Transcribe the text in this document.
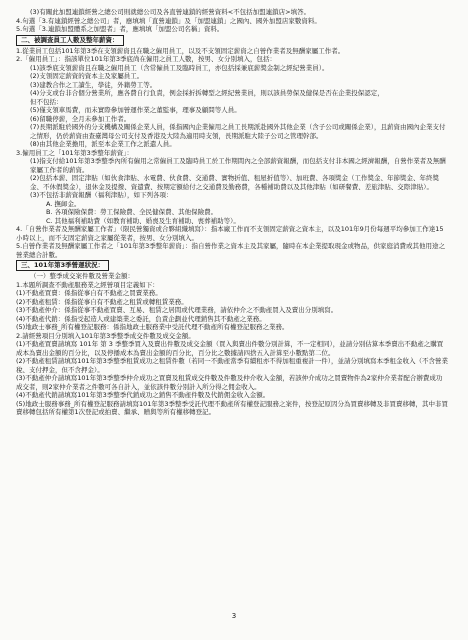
(3)有關此加盟連鎖經營之總公司則就總公司及各直營連鎖的經營資料<不包括加盟連鎖店>填答。
4.句選「3.有連鎖經營之總公司」者，應填填「直營連鎖」及「加盟連鎖」之國內、國外加盟店家數資料。
5.句選「3.連鎖加盟體系之加盟者」者，應填填「加盟公司名稱」資料。
二、被調查員工人數及整年薪資：
1.從業員工包括101年第3季在支領薪資且在職之僱用員工，以及不支領固定薪資之自營作業者及無酬家屬工作者。
2.「僱用員工」：指該單位101年第3季底尚在僱用之員工人數，按男、女分別填入，包括：
(1)該季底支領薪資且在職之僱用員工（含常僱員工及臨時員工，亦包括採兼底薪獎金制之經紀營業員）。
(2)支領固定薪資的資本主及家屬員工。
(3)建教合作之工讀生，學徒，外籍勞工等。
(4)分支或台非合個分營業所，應各費自行負責，例金採折拆轉型之經紀營業員，則以該員勞保及健保是否在企業投保認定，
但不包括：
(5)僅支領車馬費，而未實際參加營運作業之董監事，理事及顧問等人員。
(6)留職停薪，全月未參加工作者。
(7)長期派駐於國外的分支機構及關係企業人員，係指國內企業僱用之員工長期派赴國外其他企業（含子公司或關係企業），且薪資由國內企業支付之情形，仍於薪資由查臺灣母公司支付及香港及大陸為適用時支領，長期派駐大陸子公司之管理幹部。
(8)由其他企業擔用，派至本企業工作之派遣人員。
3.僱用員工之「101年第3季整年薪資」：
(1)指支付給101年第3季整季內所有僱用之常僱員工及臨時員工於工作期間內之全部薪資報酬，而包括支付非本國之經濟報酬，自營作業者及無酬家屬工作者的薪資。
(2)包括本薪、固定津貼（如伙食津貼、水電費、伙食費、交通費、實物折值、租屋折值等）、加班費、各項獎金（工作獎金、年節獎金、年終獎金、不休假獎金），退休金及提撥、資遣費、按期定額給付之交通費及勤務費，各種補助費以及其他津貼（如研餐費、差旅津貼、交際津貼）。
(3)不包括非薪資報酬（福利津貼），如下列各項：
A. 撫卹金。
B. 各項保險保費：勞工保險費、全民健保費、其他保險費。
C. 其他福利補助費（如教育補助、婚喪及生育補助、喪葬補助等）。
4.「自營作業者及無酬家屬工作者」（限民營獨資或合夥組織填寫）：指本廠工作而不支領固定薪資之資本主，以及101年9月份每週平均參加工作達15小時以上，而不支固定薪資之家屬從業者，按男、女分別填入。
5.自營作業者及無酬家屬工作者之「101年第3季整年薪資」：指自營作業之資本主及其家屬，隨時在本企業提取現金或物品，供家庭消費或其他用途之營業總合計數。
三、101年第3季營運狀況：
（一）整季成交案件數及營業金額：
1.本題所調查不動產服務業之經營項目定義如下：
(1)不動產買賣：係指從事自有不動產之買賣業務。
(2)不動產租賃：係指從事自有不動產之租賃或轉租賃業務。
(3)不動產仲介：係指從事不動產買賣、互易、租賃之居間或代理業務，請依仲介之不動產買入及賣出分別填寫。
(4)不動產代銷：係指受起造人或建築業之委託，負責企劃並代理銷售其不動產之業務。
(5)地政士事務_所有權登記服務：係指地政士服務業中受託代理不動產所有權登記服務之業務。
2.請經營項目分別填入101年第3季整季成交件數及成交金額。
(1)不動產買賣請填寫 101年 第 3 季整季買入及賣出件數及成交金額（買入與賣出件數分別計算，不一定相同），並請分別估算本季賣出不動產之購買成本為賣出金額的百分比，以及停播成本為賣出金額的百分比，百分比之數據請四捨五入計算至小數點第二位。
(2)不動產租賃請填寫101年第3季整季租賃成功之租賃件數（若同一不動產當季有續租亦不得加租重複計一件），並請分別填寫本季租金收入（不含營業稅、支付押金，但不含押金）。
(3)不動產仲介請填寫101年第3季整季仲介成功之買賣及租賃成交件數及件數及仲介收入金額，若該仲介成功之買賣物件為2家仲介業者配合辦費成功成交者，則2家仲介業者之件數可各自計入，並依該件數分別計入所分得之佣金收入。
(4)不動產代銷請填寫101年第3季整季代銷成功之銷售不動產件數及代銷佣金收入金額。
(5)地政士服務事務_所有權登記服務請填寫101年第3季整季受託代理不動產所有權登記服務之案件，按登記原因分為買賣移轉及非買賣移轉，其中非買賣移轉包括所有權第1次登記或拍賣、繼承、贈與等所有權移轉登記。
3
